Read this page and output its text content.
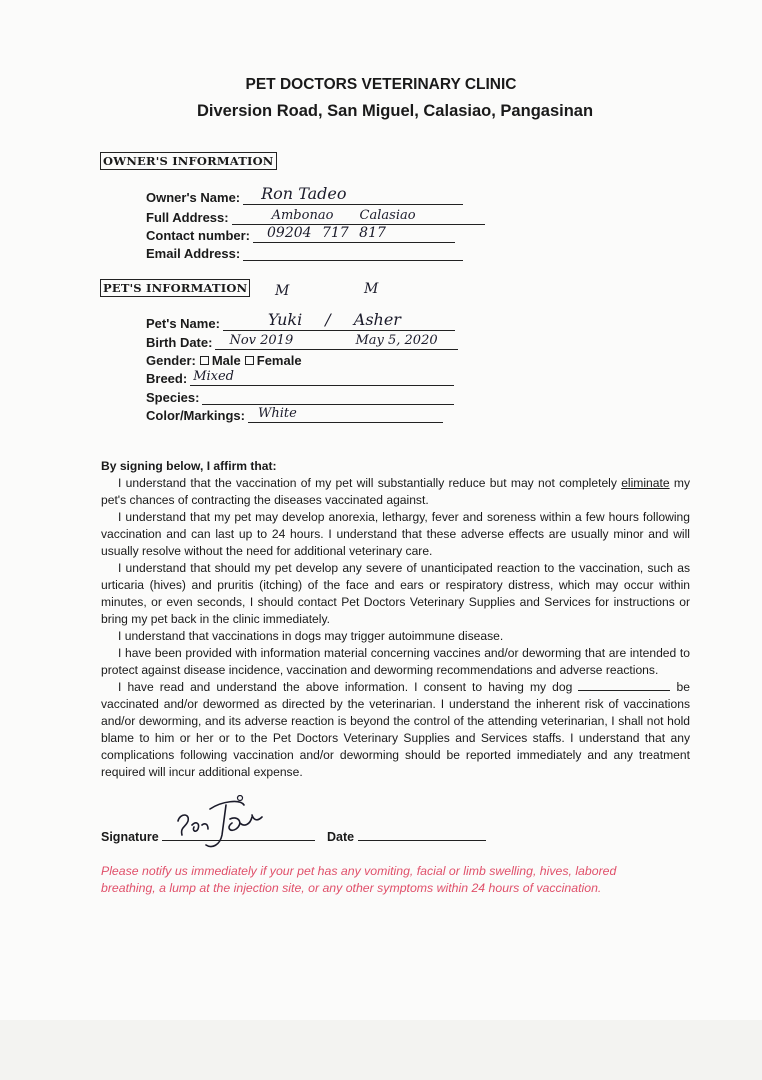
PET DOCTORS VETERINARY CLINIC
Diversion Road, San Miguel, Calasiao, Pangasinan
OWNER'S INFORMATION
Owner's Name: Ron Tadeo
Full Address:	Ambonao Calasiao
Contact number: 09204 717 817
Email Address:
PET'S INFORMATION M	M
Pet's Name:	Yuki / Asher
Birth Date: Nov 2019	May 5, 2020
Gender: Male Female
Breed: Mixed
Species:
Color/Markings: White

By signing below, I affirm that:

I understand that the vaccination of my pet will substantially reduce but may not completely eliminate my pet's chances of contracting the diseases vaccinated against.

I understand that my pet may develop anorexia, lethargy, fever and soreness within a few hours following vaccination and can last up to 24 hours. I understand that these adverse effects are usually minor and will usually resolve without the need for additional veterinary care.

I understand that should my pet develop any severe of unanticipated reaction to the vaccination, such as urticaria (hives) and pruritis (itching) of the face and ears or respiratory distress, which may occur within minutes, or even seconds, I should contact Pet Doctors Veterinary Supplies and Services for instructions or bring my pet back in the clinic immediately.

I understand that vaccinations in dogs may trigger autoimmune disease.

I have been provided with information material concerning vaccines and/or deworming that are intended to protect against disease incidence, vaccination and deworming recommendations and adverse reactions.

I have read and understand the above information. I consent to having my dog	be vaccinated and/or dewormed as directed by the veterinarian. I understand the inherent risk of vaccinations and/or deworming, and its adverse reaction is beyond the control of the attending veterinarian, I shall not hold blame to him or her or to the Pet Doctors Veterinary Supplies and Services staffs. I understand that any complications following vaccination and/or deworming should be reported immediately and any treatment required will incur additional expense.

Signature	Date
Please notify us immediately if your pet has any vomiting, facial or limb swelling, hives, labored breathing, a lump at the injection site, or any other symptoms within 24 hours of vaccination.
